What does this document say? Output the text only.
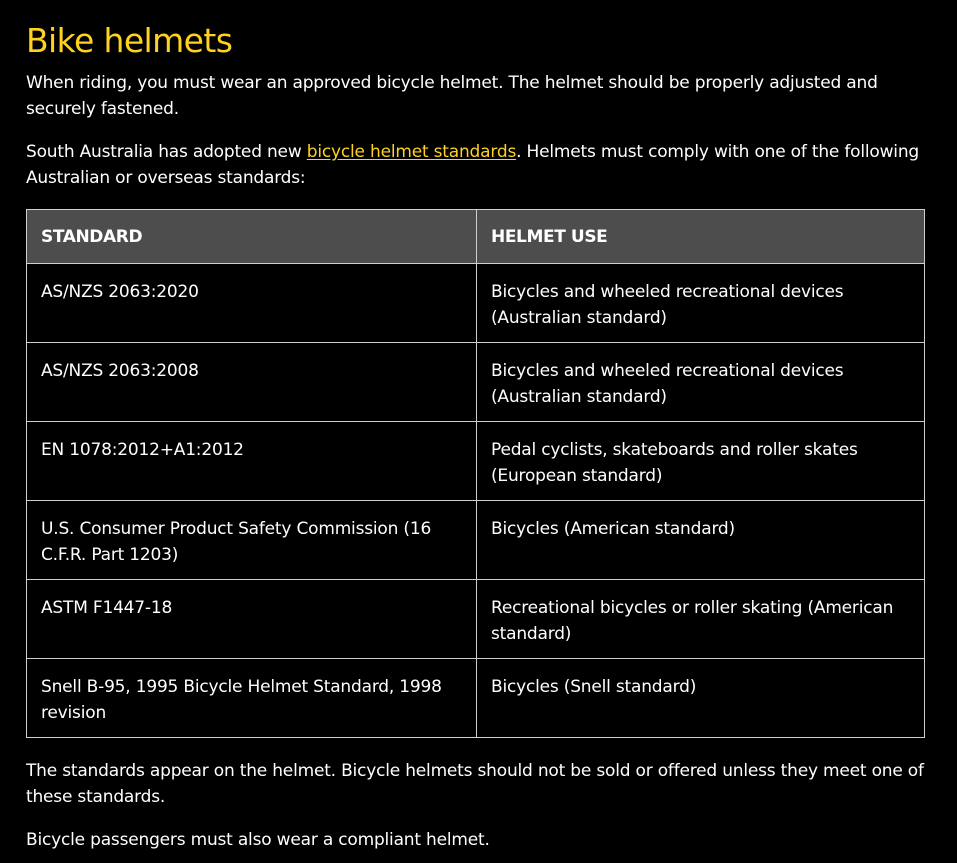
Bike helmets

When riding, you must wear an approved bicycle helmet. The helmet should be properly adjusted and securely fastened.

South Australia has adopted new bicycle helmet standards. Helmets must comply with one of the following Australian or overseas standards:

STANDARD	HELMET USE
AS/NZS 2063:2020	Bicycles and wheeled recreational devices (Australian standard)
AS/NZS 2063:2008	Bicycles and wheeled recreational devices (Australian standard)
EN 1078:2012+A1:2012	Pedal cyclists, skateboards and roller skates (European standard)
U.S. Consumer Product Safety Commission (16 C.F.R. Part 1203)	Bicycles (American standard)
ASTM F1447-18	Recreational bicycles or roller skating (American standard)
Snell B-95, 1995 Bicycle Helmet Standard, 1998 revision	Bicycles (Snell standard)

The standards appear on the helmet. Bicycle helmets should not be sold or offered unless they meet one of these standards.

Bicycle passengers must also wear a compliant helmet.
